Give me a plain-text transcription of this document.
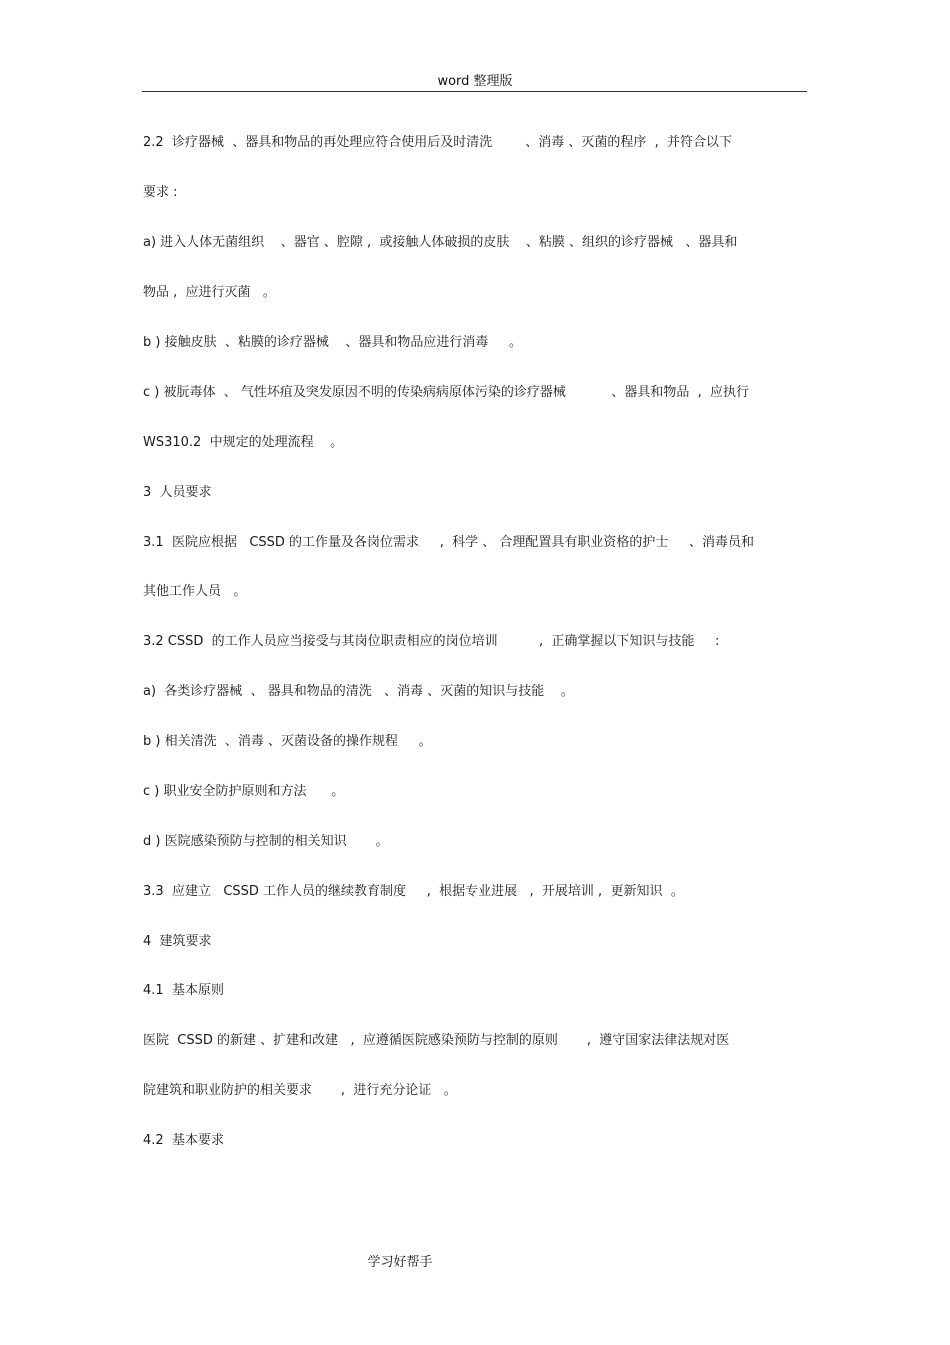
word 整理版
2.2  诊疗器械  、器具和物品的再处理应符合使用后及时清洗        、消毒 、灭菌的程序  ,  并符合以下
要求 :
a) 进入人体无菌组织    、器官 、腔隙 ,  或接触人体破损的皮肤    、粘膜 、组织的诊疗器械   、器具和
物品 ,  应进行灭菌   。
b ) 接触皮肤  、粘膜的诊疗器械    、器具和物品应进行消毒     。
c ) 被朊毒体  、 气性坏疽及突发原因不明的传染病病原体污染的诊疗器械           、器具和物品  ,  应执行
WS310.2  中规定的处理流程    。
3  人员要求
3.1  医院应根据   CSSD 的工作量及各岗位需求     ,  科学 、 合理配置具有职业资格的护士     、消毒员和
其他工作人员   。
3.2 CSSD  的工作人员应当接受与其岗位职责相应的岗位培训          ,  正确掌握以下知识与技能     :
a)  各类诊疗器械  、 器具和物品的清洗   、消毒 、灭菌的知识与技能    。
b ) 相关清洗  、消毒 、灭菌设备的操作规程     。
c ) 职业安全防护原则和方法      。
d ) 医院感染预防与控制的相关知识       。
3.3  应建立   CSSD 工作人员的继续教育制度     ,  根据专业进展   ,  开展培训 ,  更新知识  。
4  建筑要求
4.1  基本原则
医院  CSSD 的新建 、扩建和改建   ,  应遵循医院感染预防与控制的原则       ,  遵守国家法律法规对医
院建筑和职业防护的相关要求       ,  进行充分论证   。
4.2  基本要求
学习好帮手
